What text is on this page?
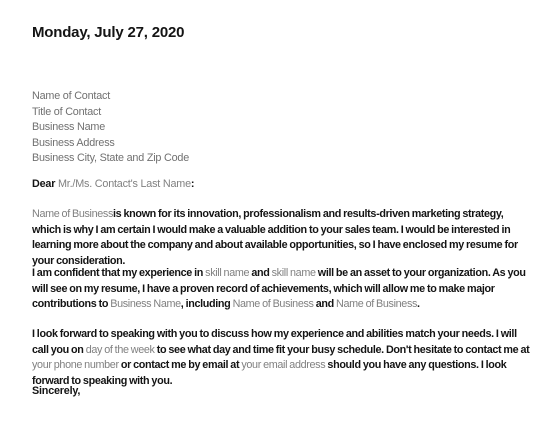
Monday, July 27, 2020
Name of Contact
Title of Contact
Business Name
Business Address
Business City, State and Zip Code
Dear Mr./Ms. Contact's Last Name:
Name of Businessis known for its innovation, professionalism and results-driven marketing strategy, which is why I am certain I would make a valuable addition to your sales team. I would be interested in learning more about the company and about available opportunities, so I have enclosed my resume for your consideration.
I am confident that my experience in skill name and skill name will be an asset to your organization. As you will see on my resume, I have a proven record of achievements, which will allow me to make major contributions to Business Name, including Name of Business and Name of Business.
I look forward to speaking with you to discuss how my experience and abilities match your needs. I will call you on day of the week to see what day and time fit your busy schedule. Don't hesitate to contact me at your phone number or contact me by email at your email address should you have any questions. I look forward to speaking with you.
Sincerely,
